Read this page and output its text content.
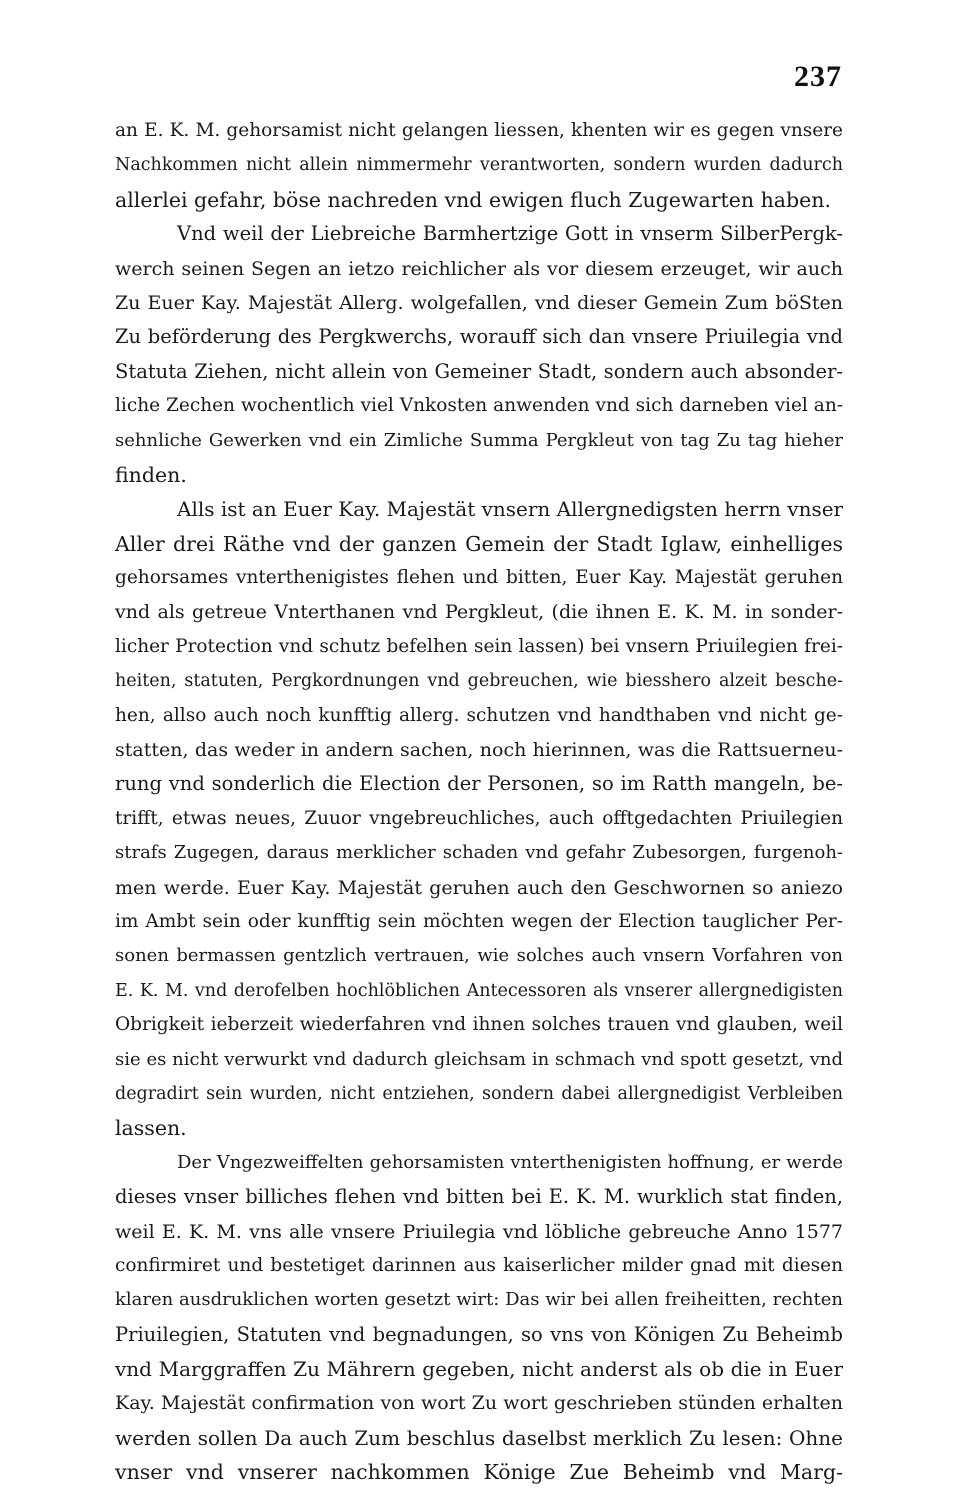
237
an E. K. M. gehorsamist nicht gelangen liessen, khenten wir es gegen vnsere
Nachkommen nicht allein nimmermehr verantworten, sondern wurden dadurch
allerlei gefahr, böse nachreden vnd ewigen fluch Zugewarten haben.
Vnd weil der Liebreiche Barmhertzige Gott in vnserm SilberPergk-
werch seinen Segen an ietzo reichlicher als vor diesem erzeuget, wir auch
Zu Euer Kay. Majestät Allerg. wolgefallen, vnd dieser Gemein Zum böSten
Zu beförderung des Pergkwerchs, worauff sich dan vnsere Priuilegia vnd
Statuta Ziehen, nicht allein von Gemeiner Stadt, sondern auch absonder-
liche Zechen wochentlich viel Vnkosten anwenden vnd sich darneben viel an-
sehnliche Gewerken vnd ein Zimliche Summa Pergkleut von tag Zu tag hieher
finden.
Alls ist an Euer Kay. Majestät vnsern Allergnedigsten herrn vnser
Aller drei Räthe vnd der ganzen Gemein der Stadt Iglaw, einhelliges
gehorsames vnterthenigistes flehen und bitten, Euer Kay. Majestät geruhen
vnd als getreue Vnterthanen vnd Pergkleut, (die ihnen E. K. M. in sonder-
licher Protection vnd schutz befelhen sein lassen) bei vnsern Priuilegien frei-
heiten, statuten, Pergkordnungen vnd gebreuchen, wie biesshero alzeit besche-
hen, allso auch noch kunfftig allerg. schutzen vnd handthaben vnd nicht ge-
statten, das weder in andern sachen, noch hierinnen, was die Rattsuerneu-
rung vnd sonderlich die Election der Personen, so im Ratth mangeln, be-
trifft, etwas neues, Zuuor vngebreuchliches, auch offtgedachten Priuilegien
strafs Zugegen, daraus merklicher schaden vnd gefahr Zubesorgen, furgenoh-
men werde. Euer Kay. Majestät geruhen auch den Geschwornen so aniezo
im Ambt sein oder kunfftig sein möchten wegen der Election tauglicher Per-
sonen bermassen gentzlich vertrauen, wie solches auch vnsern Vorfahren von
E. K. M. vnd derofelben hochlöblichen Antecessoren als vnserer allergnedigisten
Obrigkeit ieberzeit wiederfahren vnd ihnen solches trauen vnd glauben, weil
sie es nicht verwurkt vnd dadurch gleichsam in schmach vnd spott gesetzt, vnd
degradirt sein wurden, nicht entziehen, sondern dabei allergnedigist Verbleiben
lassen.
Der Vngezweiffelten gehorsamisten vnterthenigisten hoffnung, er werde
dieses vnser billiches flehen vnd bitten bei E. K. M. wurklich stat finden,
weil E. K. M. vns alle vnsere Priuilegia vnd löbliche gebreuche Anno 1577
confirmiret und bestetiget darinnen aus kaiserlicher milder gnad mit diesen
klaren ausdruklichen worten gesetzt wirt: Das wir bei allen freiheitten, rechten
Priuilegien, Statuten vnd begnadungen, so vns von Königen Zu Beheimb
vnd Marggraffen Zu Mährern gegeben, nicht anderst als ob die in Euer
Kay. Majestät confirmation von wort Zu wort geschrieben stünden erhalten
werden sollen Da auch Zum beschlus daselbst merklich Zu lesen: Ohne
vnser vnd vnserer nachkommen Könige Zue Beheimb vnd Marg-
